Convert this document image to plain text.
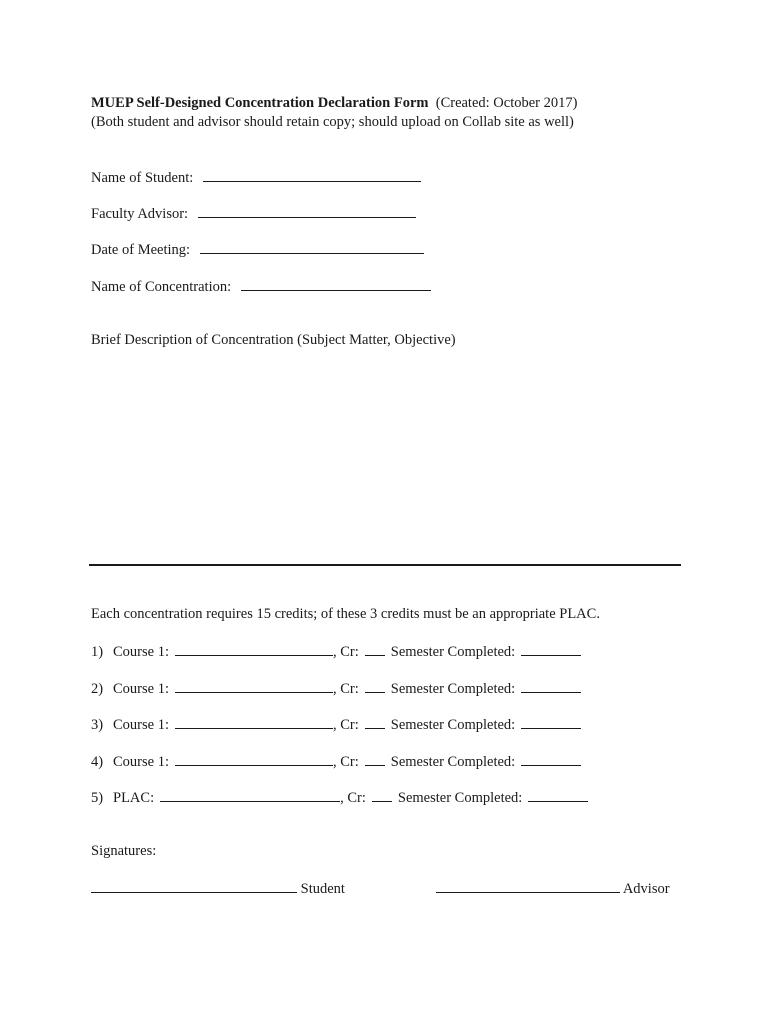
MUEP Self-Designed Concentration Declaration Form (Created: October 2017)
(Both student and advisor should retain copy; should upload on Collab site as well)
Name of Student:
Faculty Advisor:
Date of Meeting:
Name of Concentration:
Brief Description of Concentration (Subject Matter, Objective)
Each concentration requires 15 credits; of these 3 credits must be an appropriate PLAC.
1) Course 1:	, Cr: Semester Completed:
2) Course 1:	, Cr: Semester Completed:
3) Course 1:	, Cr: Semester Completed:
4) Course 1:	, Cr: Semester Completed:
5) PLAC:	, Cr: Semester Completed:
Signatures:
Student	Advisor
